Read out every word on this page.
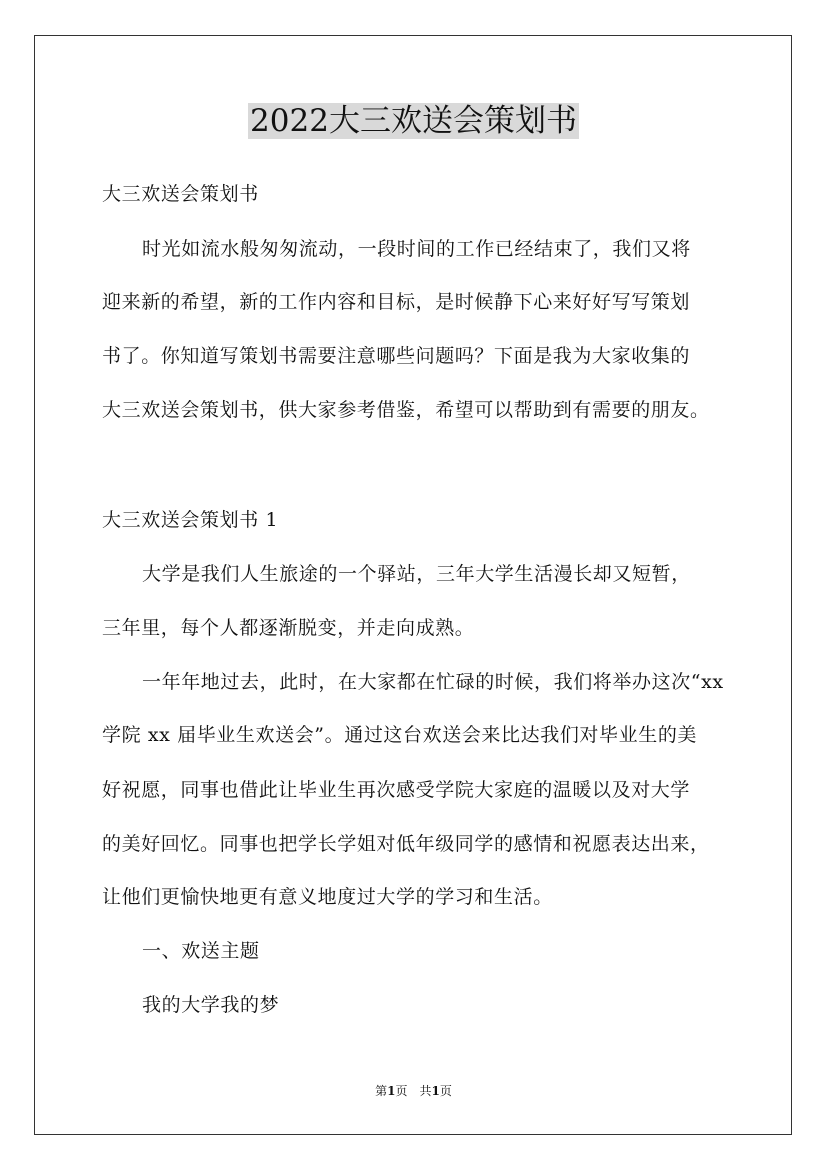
2022大三欢送会策划书
大三欢送会策划书
时光如流水般匆匆流动，一段时间的工作已经结束了，我们又将
迎来新的希望，新的工作内容和目标，是时候静下心来好好写写策划
书了。你知道写策划书需要注意哪些问题吗？下面是我为大家收集的
大三欢送会策划书，供大家参考借鉴，希望可以帮助到有需要的朋友。
大三欢送会策划书 1
大学是我们人生旅途的一个驿站，三年大学生活漫长却又短暂，
三年里，每个人都逐渐脱变，并走向成熟。
一年年地过去，此时，在大家都在忙碌的时候，我们将举办这次“xx
学院 xx 届毕业生欢送会”。通过这台欢送会来比达我们对毕业生的美
好祝愿，同事也借此让毕业生再次感受学院大家庭的温暖以及对大学
的美好回忆。同事也把学长学姐对低年级同学的感情和祝愿表达出来，
让他们更愉快地更有意义地度过大学的学习和生活。
一、欢送主题
我的大学我的梦
第1页　共1页
